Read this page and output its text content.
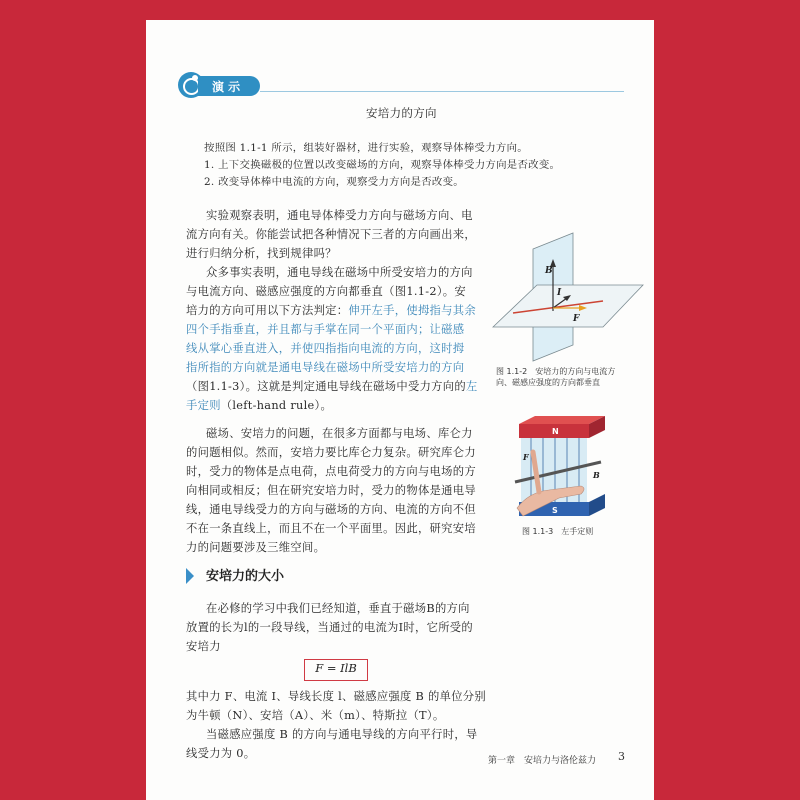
演 示
安培力的方向
按照图 1.1-1 所示，组装好器材，进行实验，观察导体棒受力方向。
1. 上下交换磁极的位置以改变磁场的方向，观察导体棒受力方向是否改变。
2. 改变导体棒中电流的方向，观察受力方向是否改变。
实验观察表明，通电导体棒受力方向与磁场方向、电
流方向有关。你能尝试把各种情况下三者的方向画出来，
进行归纳分析，找到规律吗？
众多事实表明，通电导线在磁场中所受安培力的方向
与电流方向、磁感应强度的方向都垂直（图1.1-2）。安
培力的方向可用以下方法判定：伸开左手，使拇指与其余
四个手指垂直，并且都与手掌在同一个平面内；让磁感
线从掌心垂直进入，并使四指指向电流的方向，这时拇
指所指的方向就是通电导线在磁场中所受安培力的方向
（图1.1-3）。这就是判定通电导线在磁场中受力方向的左
手定则（left-hand rule）。
磁场、安培力的问题，在很多方面都与电场、库仑力
的问题相似。然而，安培力要比库仑力复杂。研究库仑力
时，受力的物体是点电荷，点电荷受力的方向与电场的方
向相同或相反；但在研究安培力时，受力的物体是通电导
线，通电导线受力的方向与磁场的方向、电流的方向不但
不在一条直线上，而且不在一个平面里。因此，研究安培
力的问题要涉及三维空间。
B
I
F
图 1.1-2　安培力的方向与电流方
向、磁感应强度的方向都垂直
N
S
F
B
图 1.1-3　左手定则
安培力的大小
在必修的学习中我们已经知道，垂直于磁场B的方向
放置的长为l的一段导线，当通过的电流为I时，它所受的
安培力
F = IlB
其中力 F、电流 I、导线长度 l、磁感应强度 B 的单位分别
为牛顿（N）、安培（A）、米（m）、特斯拉（T）。
当磁感应强度 B 的方向与通电导线的方向平行时，导
线受力为 0。
第一章　安培力与洛伦兹力 3
